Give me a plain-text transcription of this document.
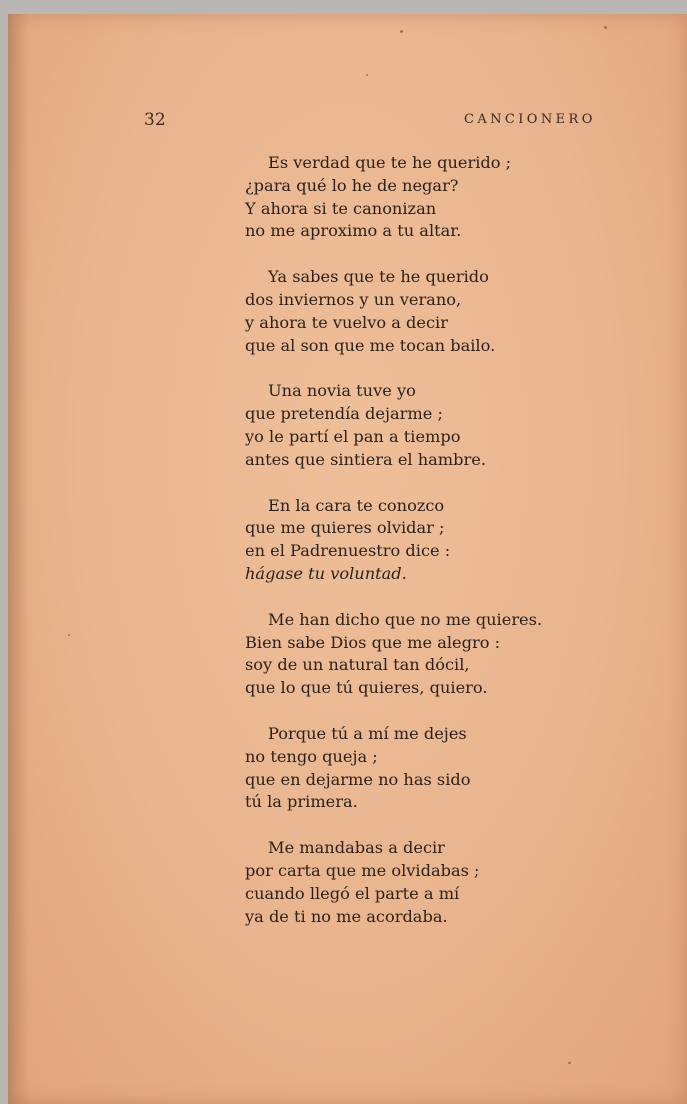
32	CANCIONERO
Es verdad que te he querido ;
¿para qué lo he de negar?
Y ahora si te canonizan
no me aproximo a tu altar.
Ya sabes que te he querido
dos inviernos y un verano,
y ahora te vuelvo a decir
que al son que me tocan bailo.
Una novia tuve yo
que pretendía dejarme ;
yo le partí el pan a tiempo
antes que sintiera el hambre.
En la cara te conozco
que me quieres olvidar ;
en el Padrenuestro dice :
hágase tu voluntad.
Me han dicho que no me quieres.
Bien sabe Dios que me alegro :
soy de un natural tan dócil,
que lo que tú quieres, quiero.
Porque tú a mí me dejes
no tengo queja ;
que en dejarme no has sido
tú la primera.
Me mandabas a decir
por carta que me olvidabas ;
cuando llegó el parte a mí
ya de ti no me acordaba.
